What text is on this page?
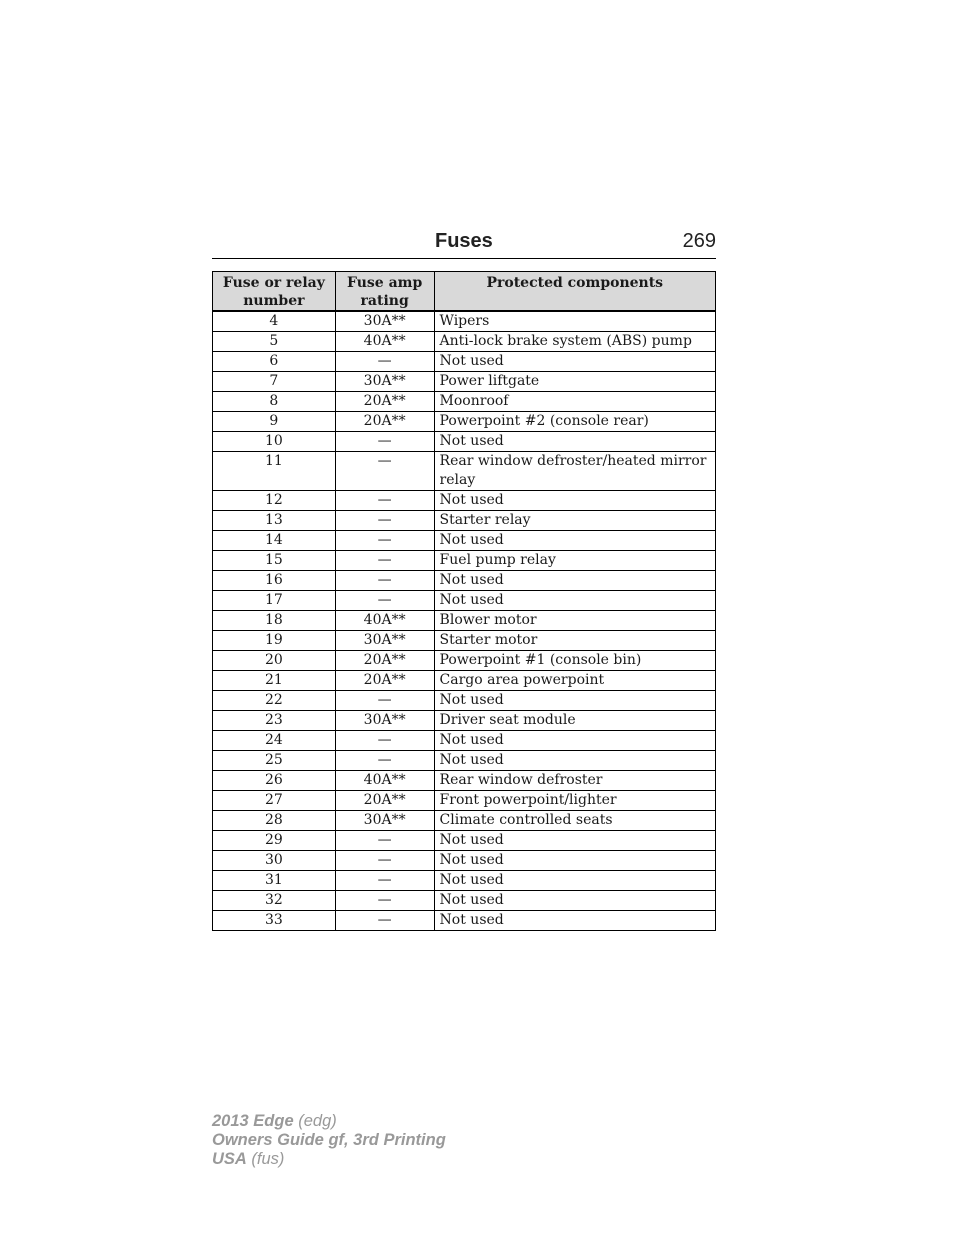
Fuses	269
Fuse or relay number	Fuse amp rating	Protected components
4	30A**	Wipers
5	40A**	Anti-lock brake system (ABS) pump
6	—	Not used
7	30A**	Power liftgate
8	20A**	Moonroof
9	20A**	Powerpoint #2 (console rear)
10	—	Not used
11	—	Rear window defroster/heated mirror relay
12	—	Not used
13	—	Starter relay
14	—	Not used
15	—	Fuel pump relay
16	—	Not used
17	—	Not used
18	40A**	Blower motor
19	30A**	Starter motor
20	20A**	Powerpoint #1 (console bin)
21	20A**	Cargo area powerpoint
22	—	Not used
23	30A**	Driver seat module
24	—	Not used
25	—	Not used
26	40A**	Rear window defroster
27	20A**	Front powerpoint/lighter
28	30A**	Climate controlled seats
29	—	Not used
30	—	Not used
31	—	Not used
32	—	Not used
33	—	Not used
2013 Edge (edg)
Owners Guide gf, 3rd Printing
USA (fus)
